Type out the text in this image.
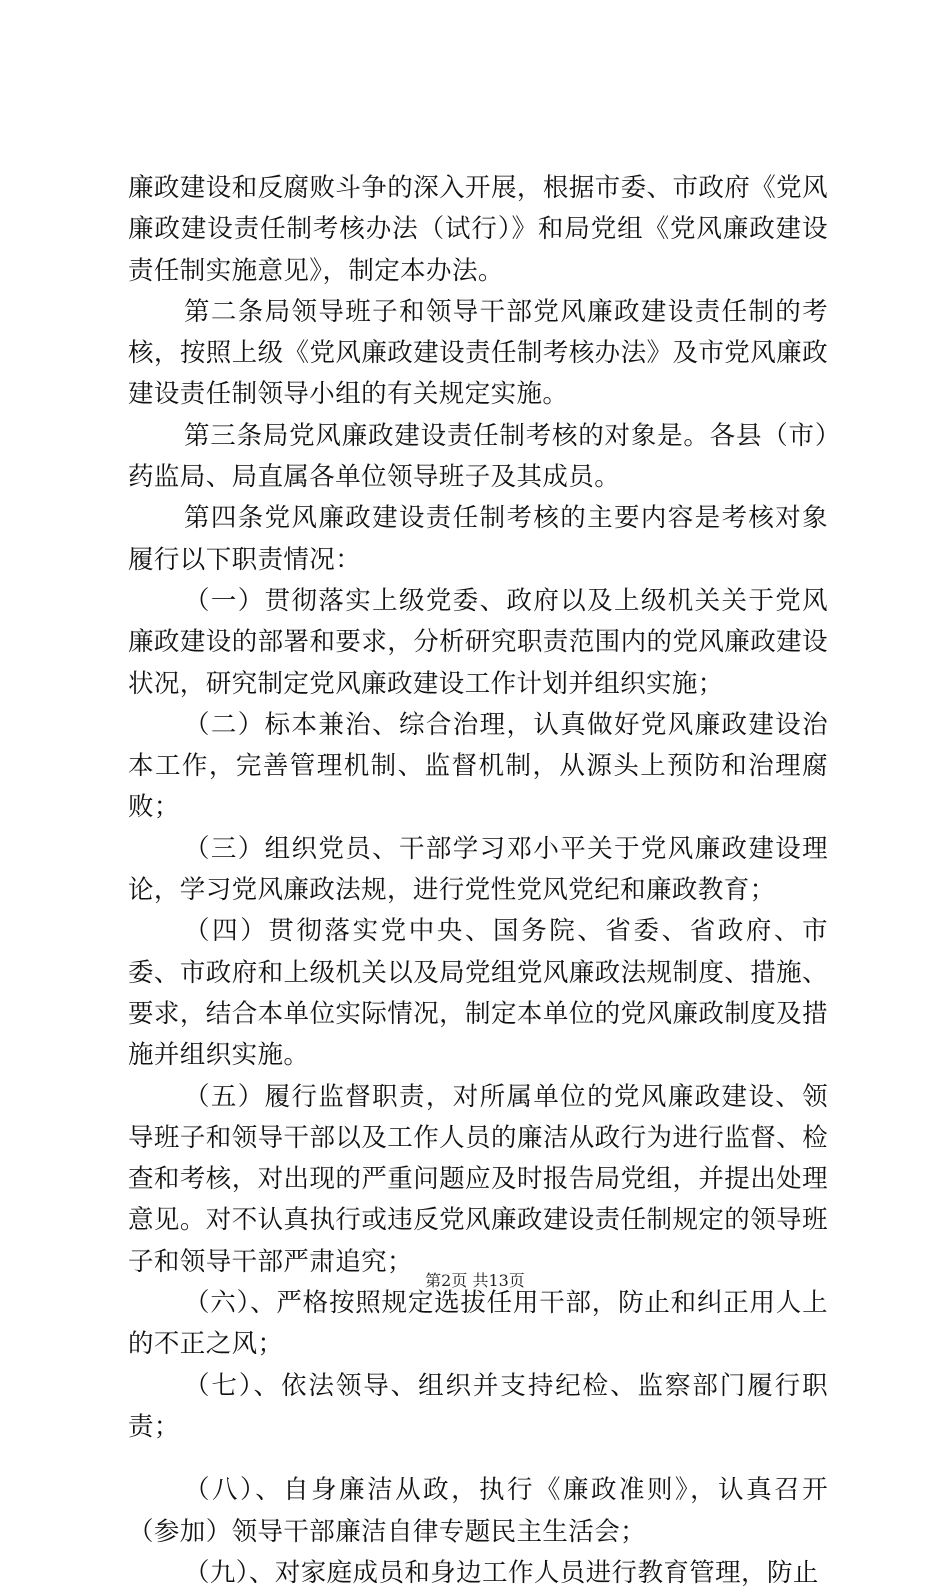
廉政建设和反腐败斗争的深入开展，根据市委、市政府《党风廉政建设责任制考核办法（试行）》和局党组《党风廉政建设责任制实施意见》，制定本办法。

第二条局领导班子和领导干部党风廉政建设责任制的考核，按照上级《党风廉政建设责任制考核办法》及市党风廉政建设责任制领导小组的有关规定实施。

第三条局党风廉政建设责任制考核的对象是。各县（市）药监局、局直属各单位领导班子及其成员。

第四条党风廉政建设责任制考核的主要内容是考核对象履行以下职责情况：

（一）贯彻落实上级党委、政府以及上级机关关于党风廉政建设的部署和要求，分析研究职责范围内的党风廉政建设状况，研究制定党风廉政建设工作计划并组织实施；

（二）标本兼治、综合治理，认真做好党风廉政建设治本工作，完善管理机制、监督机制，从源头上预防和治理腐败；

（三）组织党员、干部学习邓小平关于党风廉政建设理论，学习党风廉政法规，进行党性党风党纪和廉政教育；

（四）贯彻落实党中央、国务院、省委、省政府、市委、市政府和上级机关以及局党组党风廉政法规制度、措施、要求，结合本单位实际情况，制定本单位的党风廉政制度及措施并组织实施。

（五）履行监督职责，对所属单位的党风廉政建设、领导班子和领导干部以及工作人员的廉洁从政行为进行监督、检查和考核，对出现的严重问题应及时报告局党组，并提出处理意见。对不认真执行或违反党风廉政建设责任制规定的领导班子和领导干部严肃追究；

（六）、严格按照规定选拔任用干部，防止和纠正用人上的不正之风；

（七）、依法领导、组织并支持纪检、监察部门履行职责；

（八）、自身廉洁从政，执行《廉政准则》，认真召开（参加）领导干部廉洁自律专题民主生活会；

（九）、对家庭成员和身边工作人员进行教育管理，防止

第2页 共13页
